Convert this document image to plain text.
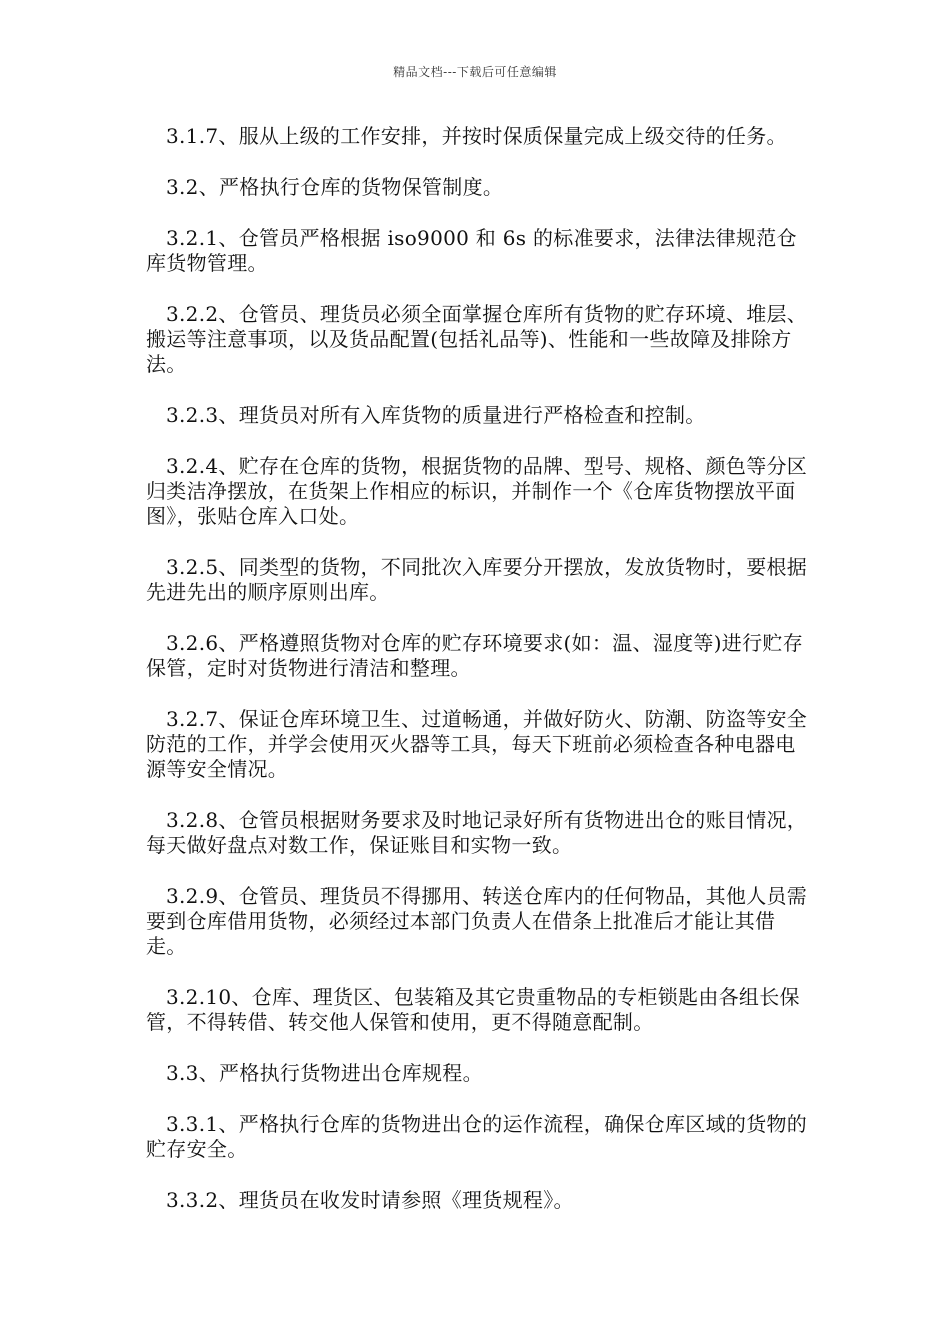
精品文档---下载后可任意编辑

3.1.7、服从上级的工作安排，并按时保质保量完成上级交待的任务。

3.2、严格执行仓库的货物保管制度。

3.2.1、仓管员严格根据 iso9000 和 6s 的标准要求，法律法律规范仓库货物管理。

3.2.2、仓管员、理货员必须全面掌握仓库所有货物的贮存环境、堆层、搬运等注意事项，以及货品配置(包括礼品等)、性能和一些故障及排除方法。

3.2.3、理货员对所有入库货物的质量进行严格检查和控制。

3.2.4、贮存在仓库的货物，根据货物的品牌、型号、规格、颜色等分区归类洁净摆放，在货架上作相应的标识，并制作一个《仓库货物摆放平面图》，张贴仓库入口处。

3.2.5、同类型的货物，不同批次入库要分开摆放，发放货物时，要根据先进先出的顺序原则出库。

3.2.6、严格遵照货物对仓库的贮存环境要求(如：温、湿度等)进行贮存保管，定时对货物进行清洁和整理。

3.2.7、保证仓库环境卫生、过道畅通，并做好防火、防潮、防盗等安全防范的工作，并学会使用灭火器等工具，每天下班前必须检查各种电器电源等安全情况。

3.2.8、仓管员根据财务要求及时地记录好所有货物进出仓的账目情况，每天做好盘点对数工作，保证账目和实物一致。

3.2.9、仓管员、理货员不得挪用、转送仓库内的任何物品，其他人员需要到仓库借用货物，必须经过本部门负责人在借条上批准后才能让其借走。

3.2.10、仓库、理货区、包装箱及其它贵重物品的专柜锁匙由各组长保管，不得转借、转交他人保管和使用，更不得随意配制。

3.3、严格执行货物进出仓库规程。

3.3.1、严格执行仓库的货物进出仓的运作流程，确保仓库区域的货物的贮存安全。

3.3.2、理货员在收发时请参照《理货规程》。
